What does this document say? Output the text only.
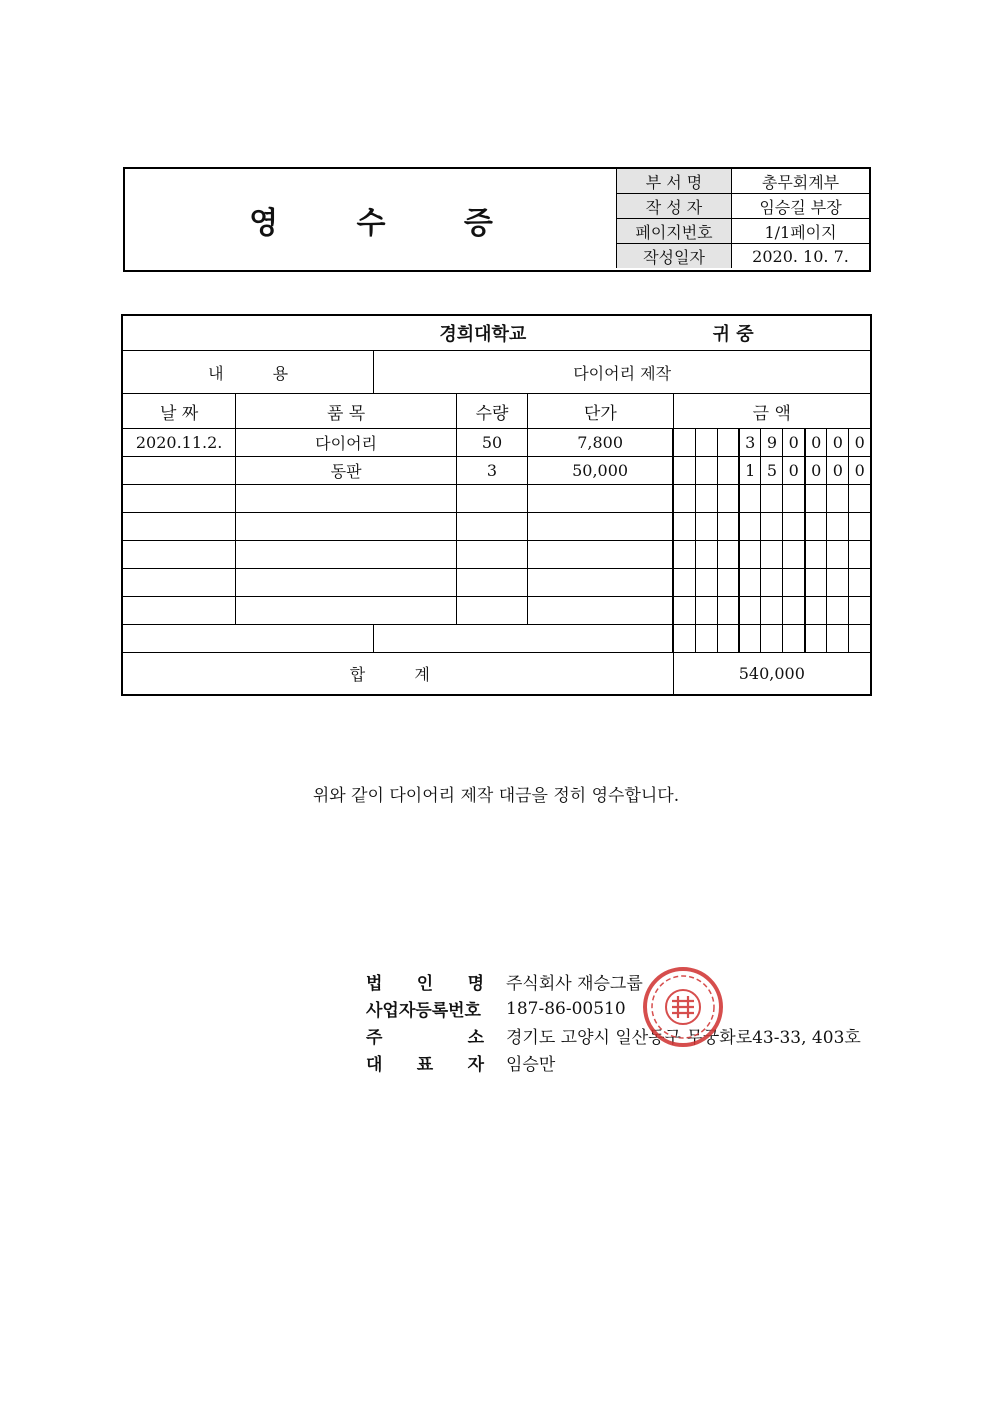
영 수 증
부 서 명	총무회계부
작 성 자	임승길 부장
페이지번호	1/1페이지
작성일자	2020. 10. 7.
경희대학교 귀 중													

내 용		다이어리 제작											
날 짜	품 목		수량	단가	금 액								
2020.11.2.	다이어리		50	7,800				3	9	0	0	0	0
	동판		3	50,000				1	5	0	0	0	0

합 계					540,000								
위와 같이 다이어리 제작 대금을 정히 영수합니다.
법 인 명	주식회사 재승그룹
사업자등록번호	187-86-00510

주 소	경기도 고양시 일산동구 무궁화로43-33, 403호

대 표 자	임승만
